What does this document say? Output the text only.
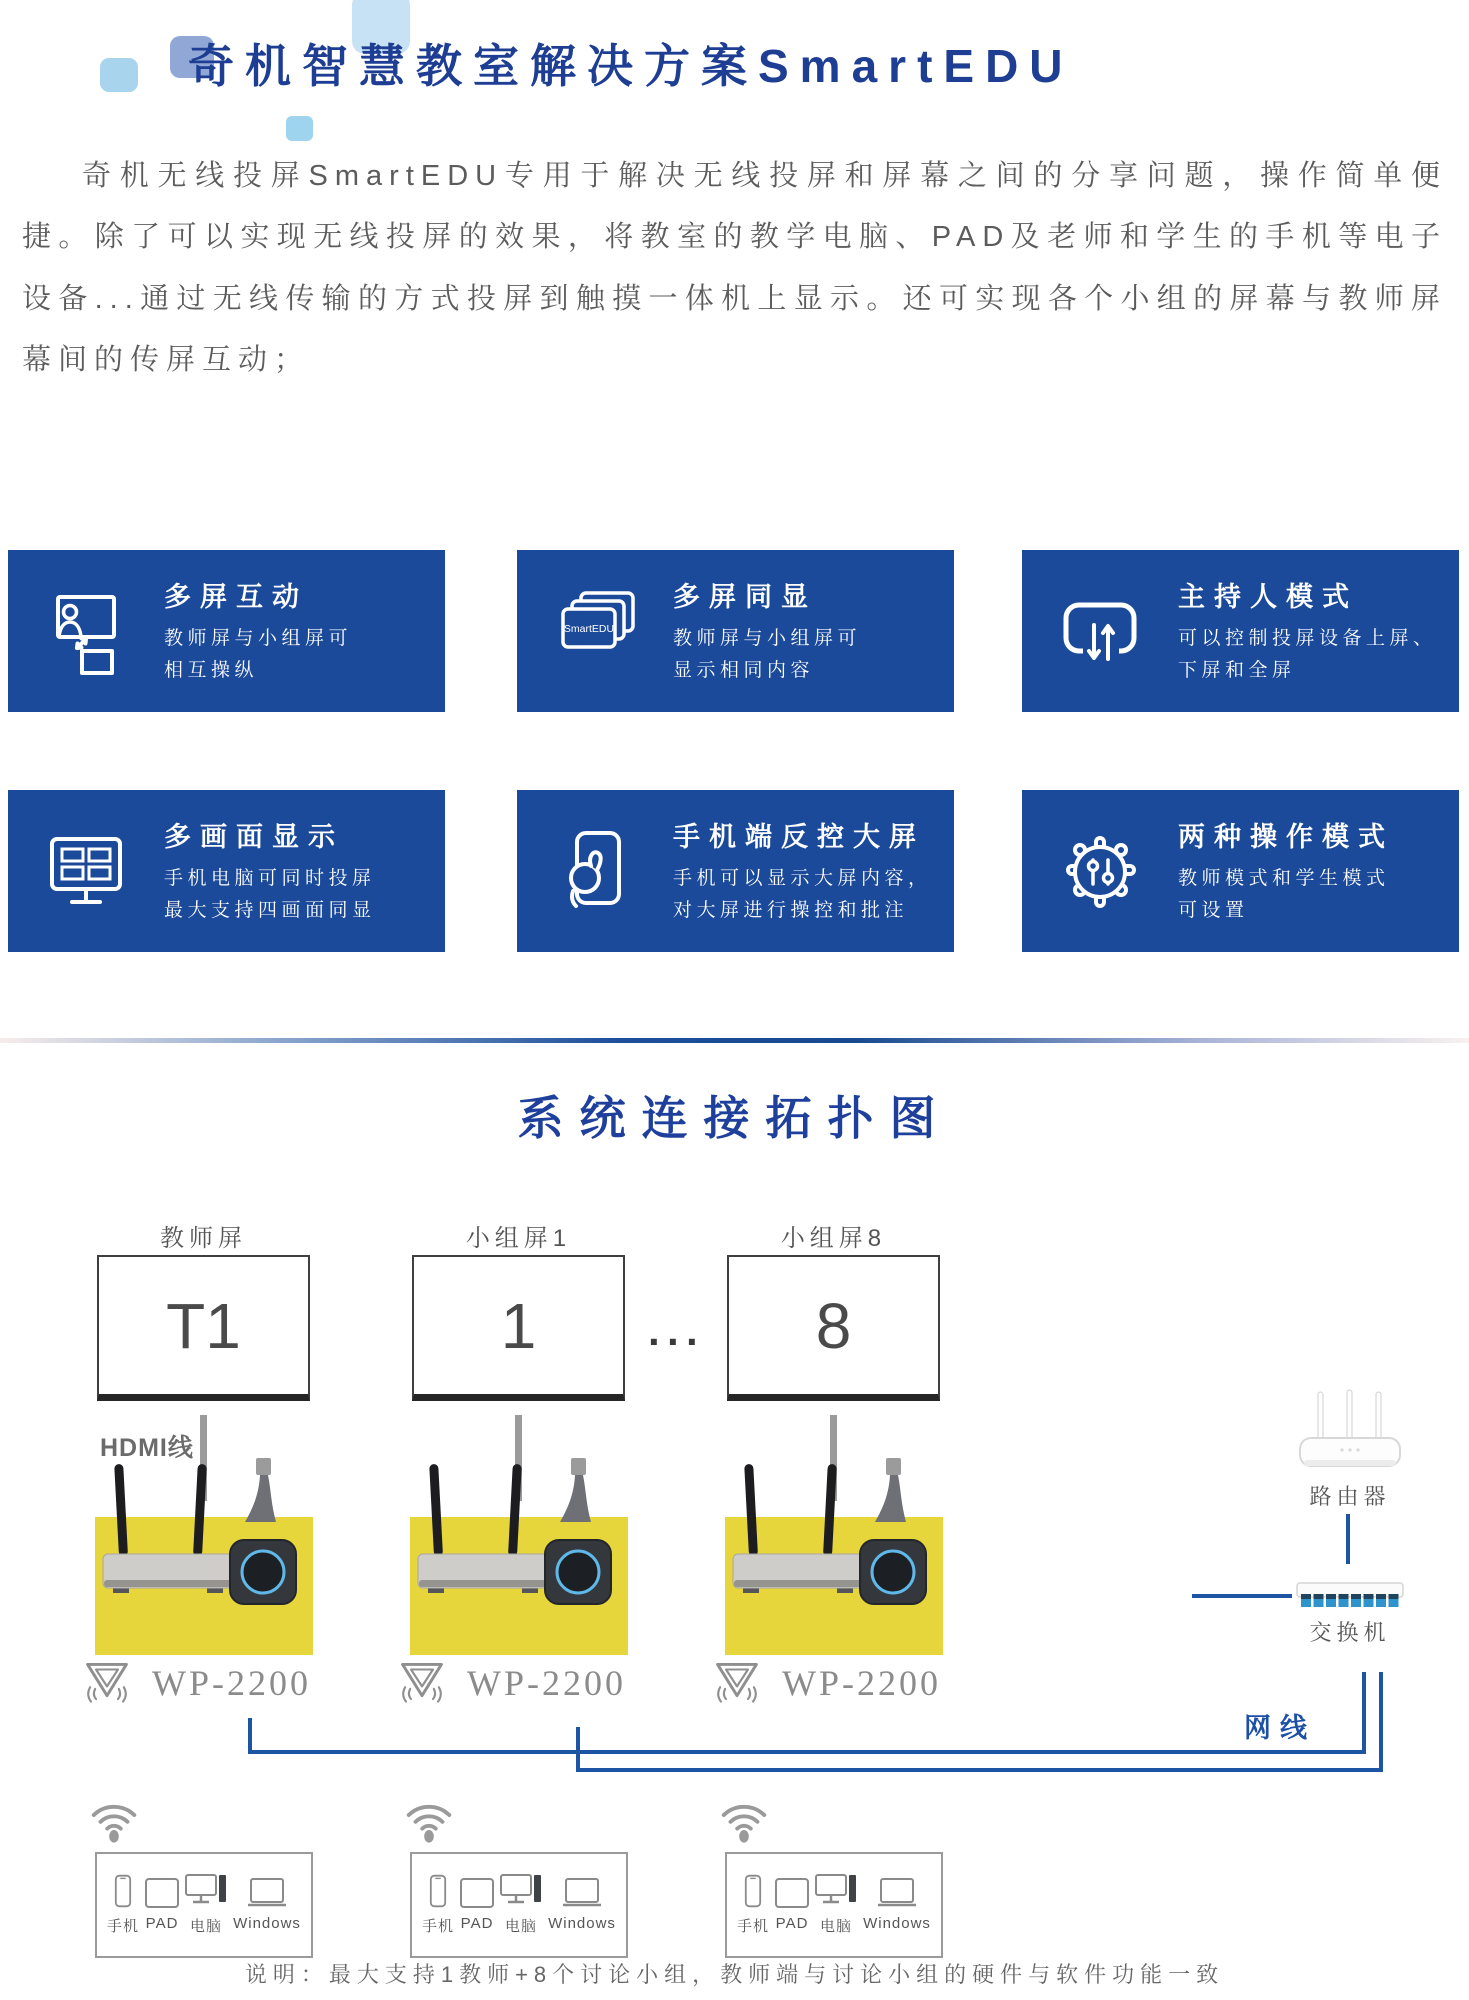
奇机智慧教室解决方案SmartEDU

奇机无线投屏SmartEDU专用于解决无线投屏和屏幕之间的分享问题，操作简单便捷。除了可以实现无线投屏的效果，将教室的教学电脑、PAD及老师和学生的手机等电子设备...通过无线传输的方式投屏到触摸一体机上显示。还可实现各个小组的屏幕与教师屏幕间的传屏互动；

多屏互动
教师屏与小组屏可
相互操纵
SmartEDU
多屏同显
教师屏与小组屏可
显示相同内容
主持人模式
可以控制投屏设备上屏、
下屏和全屏
多画面显示
手机电脑可同时投屏
最大支持四画面同显
手机端反控大屏
手机可以显示大屏内容，
对大屏进行操控和批注
两种操作模式
教师模式和学生模式
可设置
系统连接拓扑图
教师屏	小组屏1	小组屏8
T1	1	8
···
HDMI线
WP-2200	WP-2200	WP-2200
路由器
交换机
网线
手机 PAD 电脑 Windows	手机 PAD 电脑 Windows	手机 PAD 电脑 Windows

说明：最大支持1教师+8个讨论小组，教师端与讨论小组的硬件与软件功能一致
